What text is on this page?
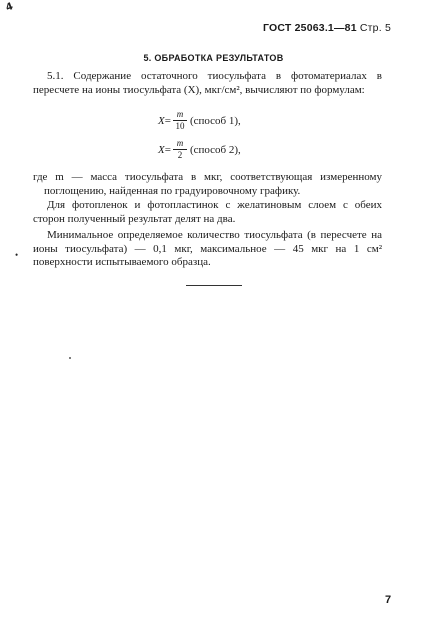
4
ГОСТ 25063.1—81 Стр. 5
5. ОБРАБОТКА РЕЗУЛЬТАТОВ

5.1. Содержание остаточного тиосульфата в фотоматериалах в пересчете на ионы тиосульфата (X), мкг/см², вычисляют по формулам:

$X = \frac{m}{10}$ (способ 1),
$X = \frac{m}{2}$ (способ 2),

где m — масса тиосульфата в мкг, соответствующая измеренному поглощению, найденная по градуировочному графику.

Для фотопленок и фотопластинок с желатиновым слоем с обеих сторон полученный результат делят на два.

•

Минимальное определяемое количество тиосульфата (в пересчете на ионы тиосульфата) — 0,1 мкг, максимальное — 45 мкг на 1 см² поверхности испытываемого образца.

7
